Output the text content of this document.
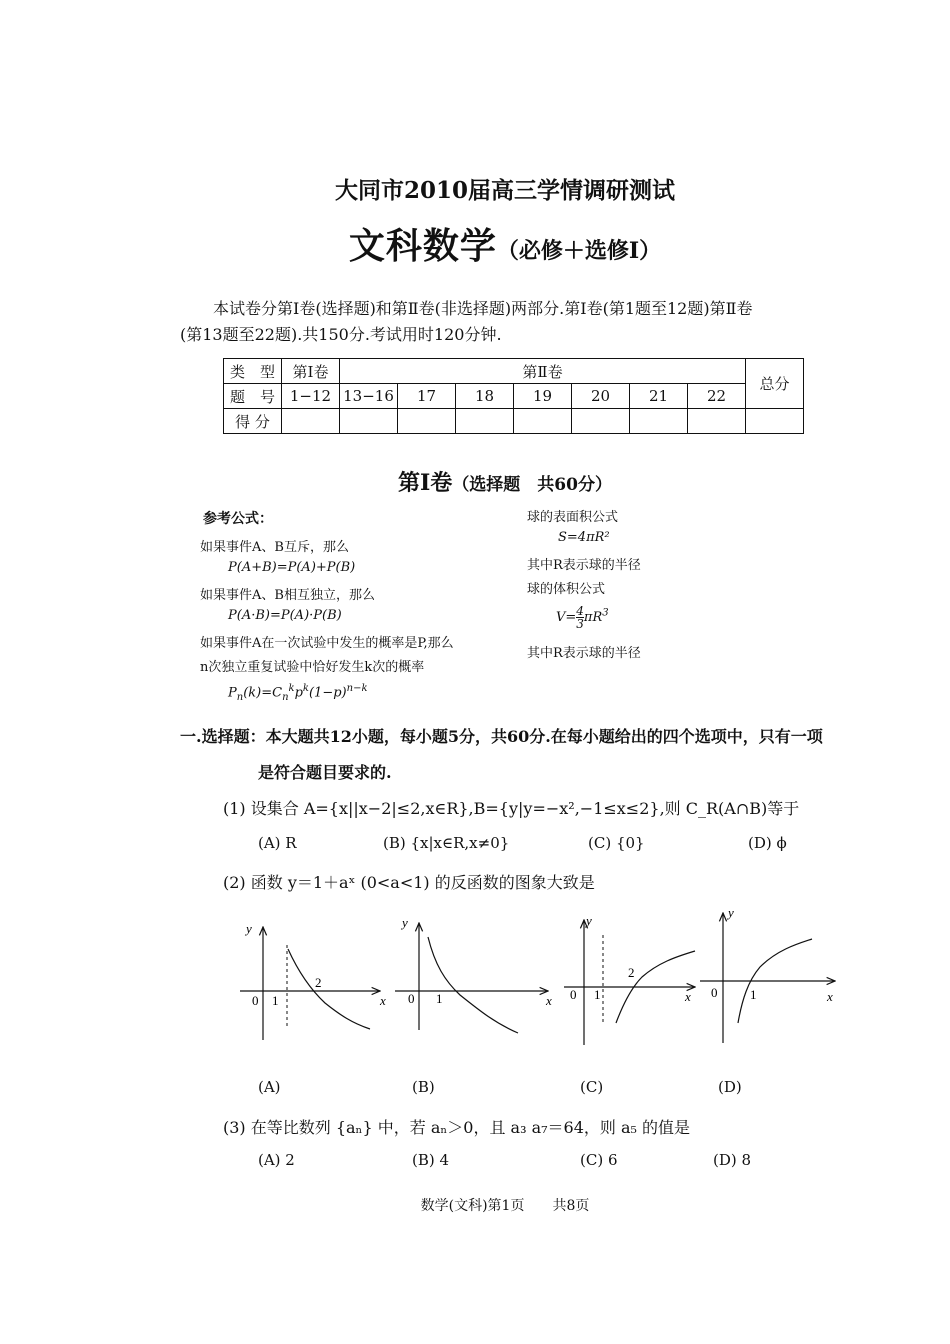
大同市2010届高三学情调研测试
文科数学（必修＋选修Ⅰ）
本试卷分第Ⅰ卷(选择题)和第Ⅱ卷(非选择题)两部分.第Ⅰ卷(第1题至12题)第Ⅱ卷
(第13题至22题).共150分.考试用时120分钟.
类　型	第Ⅰ卷	第Ⅱ卷							总分
题　号	1−12	13−16	17	18	19	20	21	22	
得 分									
第Ⅰ卷（选择题　共60分）
参考公式：
如果事件A、B互斥，那么
P(A+B)=P(A)+P(B)
如果事件A、B相互独立，那么
P(A·B)=P(A)·P(B)
如果事件A在一次试验中发生的概率是P,那么
n次独立重复试验中恰好发生k次的概率
$P_n(k)=C_n^kp^k(1-p)^{n-k}$
球的表面积公式
S=4πR²
其中R表示球的半径
球的体积公式
$V= \frac{4}{3} \pi R^3$
其中R表示球的半径
一.选择题：本大题共12小题，每小题5分，共60分.在每小题给出的四个选项中，只有一项
是符合题目要求的.
(1) 设集合 A={x||x−2|≤2,x∈R},B={y|y=−x²,−1≤x≤2},则 C_R(A∩B)等于
(A) R	(B) {x|x∈R,x≠0}	(C) {0}	(D) ϕ
(2) 函数 y＝1＋aˣ (0<a<1) 的反函数的图象大致是
y
x
0 1
2
y
x
0 1
y
x
0 1
2
y
x
0	1
(A)	(B)	(C)	(D)
(3) 在等比数列 {aₙ} 中，若 aₙ＞0，且 a₃ a₇＝64，则 a₅ 的值是
(A) 2	(B) 4	(C) 6	(D) 8
数学(文科)第1页　　共8页
